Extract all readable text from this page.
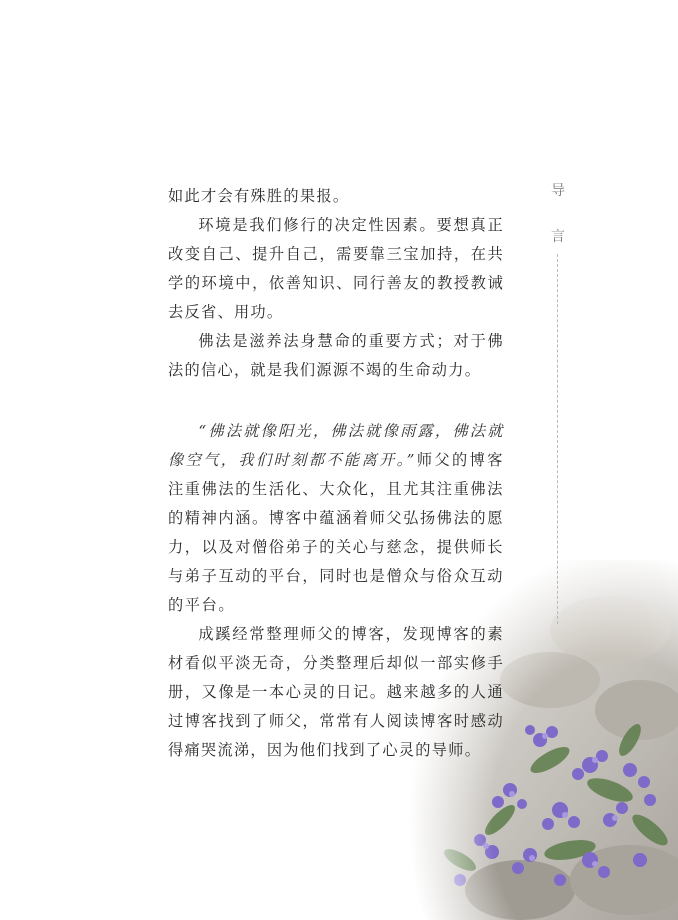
导
言

如此才会有殊胜的果报。

环境是我们修行的决定性因素。要想真正改变自己、提升自己，需要靠三宝加持，在共学的环境中，依善知识、同行善友的教授教诫去反省、用功。

佛法是滋养法身慧命的重要方式；对于佛法的信心，就是我们源源不竭的生命动力。

“佛法就像阳光，佛法就像雨露，佛法就像空气，我们时刻都不能离开。”师父的博客注重佛法的生活化、大众化，且尤其注重佛法的精神内涵。博客中蕴涵着师父弘扬佛法的愿力，以及对僧俗弟子的关心与慈念，提供师长与弟子互动的平台，同时也是僧众与俗众互动的平台。

成蹊经常整理师父的博客，发现博客的素材看似平淡无奇，分类整理后却似一部实修手册，又像是一本心灵的日记。越来越多的人通过博客找到了师父，常常有人阅读博客时感动得痛哭流涕，因为他们找到了心灵的导师。
